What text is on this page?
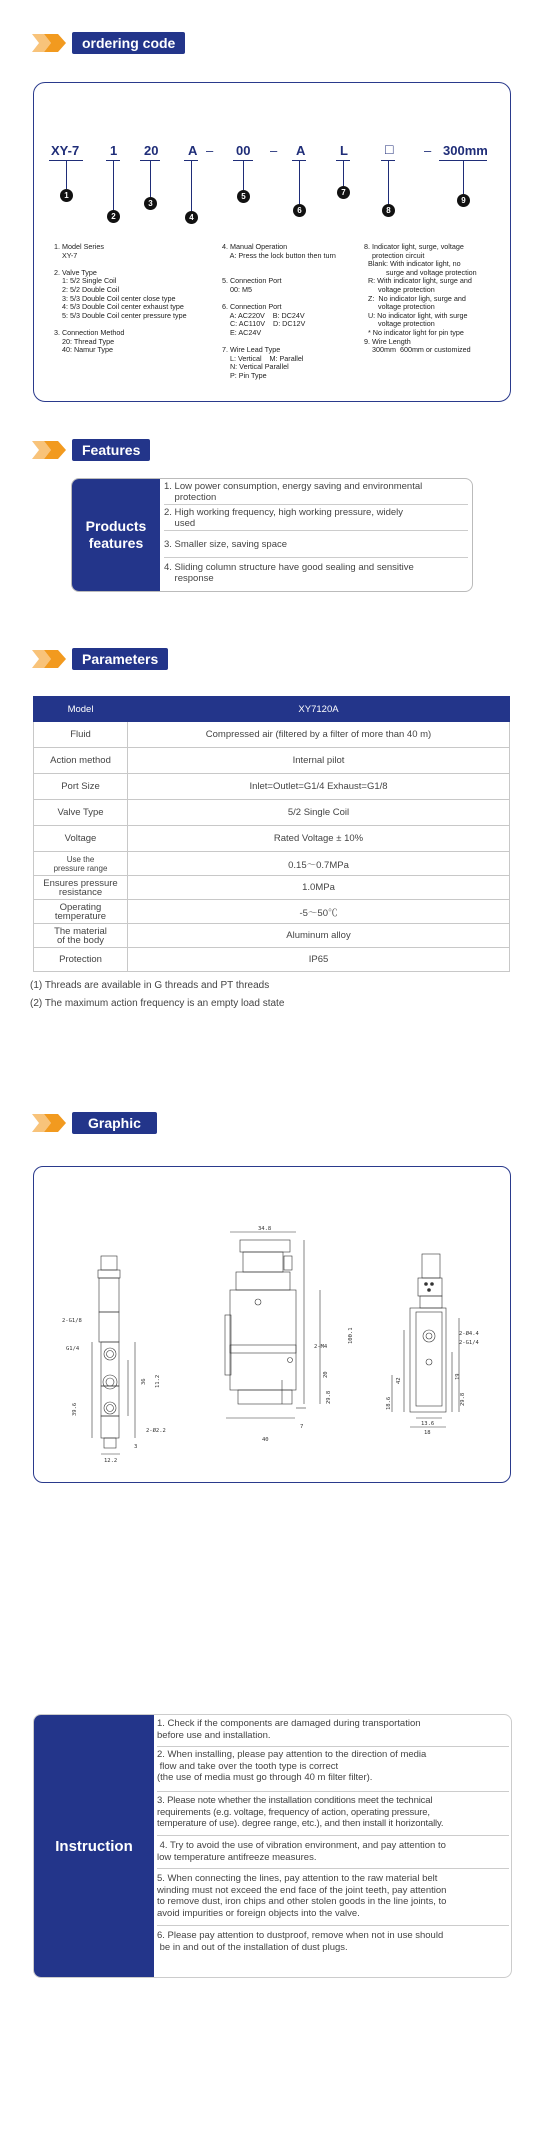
ordering code
Features
Parameters
Graphic
XY-7 1 20 A – 00 – A	L	□ – 300mm
1
2
3
4
5
6
7
8
9
1. Model Series
XY-7

2. Valve Type
1: 5/2 Single Coil
2: 5/2 Double Coil
3: 5/3 Double Coil center close type
4: 5/3 Double Coil center exhaust type
5: 5/3 Double Coil center pressure type

3. Connection Method
20: Thread Type
40: Namur Type
4. Manual Operation
A: Press the lock button then turn

5. Connection Port
00: M5

6. Connection Port
A: AC220V    B: DC24V
C: AC110V    D: DC12V
E: AC24V

7. Wire Lead Type
L: Vertical    M: Parallel
N: Vertical Parallel
P: Pin Type
8. Indicator light, surge, voltage
protection circuit
Blank: With indicator light, no
surge and voltage protection
R: With indicator light, surge and
voltage protection
Z:  No indicator ligh, surge and
voltage protection
U: No indicator light, with surge
voltage protection
* No indicator light for pin type
9. Wire Length
300mm  600mm or customized
Products
features
1. Low power consumption, energy saving and environmental
protection
2. High working frequency, high working pressure, widely
used
3. Smaller size, saving space
4. Sliding column structure have good sealing and sensitive
response
Model	XY7120A
Fluid	Compressed air (filtered by a filter of more than 40 m)
Action method	Internal pilot
Port Size	Inlet=Outlet=G1/4 Exhaust=G1/8
Valve Type	5/2 Single Coil
Voltage	Rated Voltage ± 10%
Use the
pressure range	0.15～0.7MPa
Ensures pressure
resistance	1.0MPa
Operating
temperature	-5～50℃
The material
of the body	Aluminum alloy
Protection	IP65
(1) Threads are available in G threads and PT threads
(2) The maximum action frequency is an empty load state
34.8
2-G1/8
G1/4
36 11.2
39.6
2-Ø2.2
12.2
2-M4
20
29.8
100.1
7
40
2-Ø4.4
2-G1/4
42
19
29.8
18.6
13.6
18
3
Instruction
1. Check if the components are damaged during transportation
before use and installation.
2. When installing, please pay attention to the direction of media
flow and take over the tooth type is correct
(the use of media must go through 40 m filter filter).
3. Please note whether the installation conditions meet the technical
requirements (e.g. voltage, frequency of action, operating pressure,
temperature of use). degree range, etc.), and then install it horizontally.
4. Try to avoid the use of vibration environment, and pay attention to
low temperature antifreeze measures.
5. When connecting the lines, pay attention to the raw material belt
winding must not exceed the end face of the joint teeth, pay attention
to remove dust, iron chips and other stolen goods in the line joints, to
avoid impurities or foreign objects into the valve.
6. Please pay attention to dustproof, remove when not in use should
be in and out of the installation of dust plugs.
